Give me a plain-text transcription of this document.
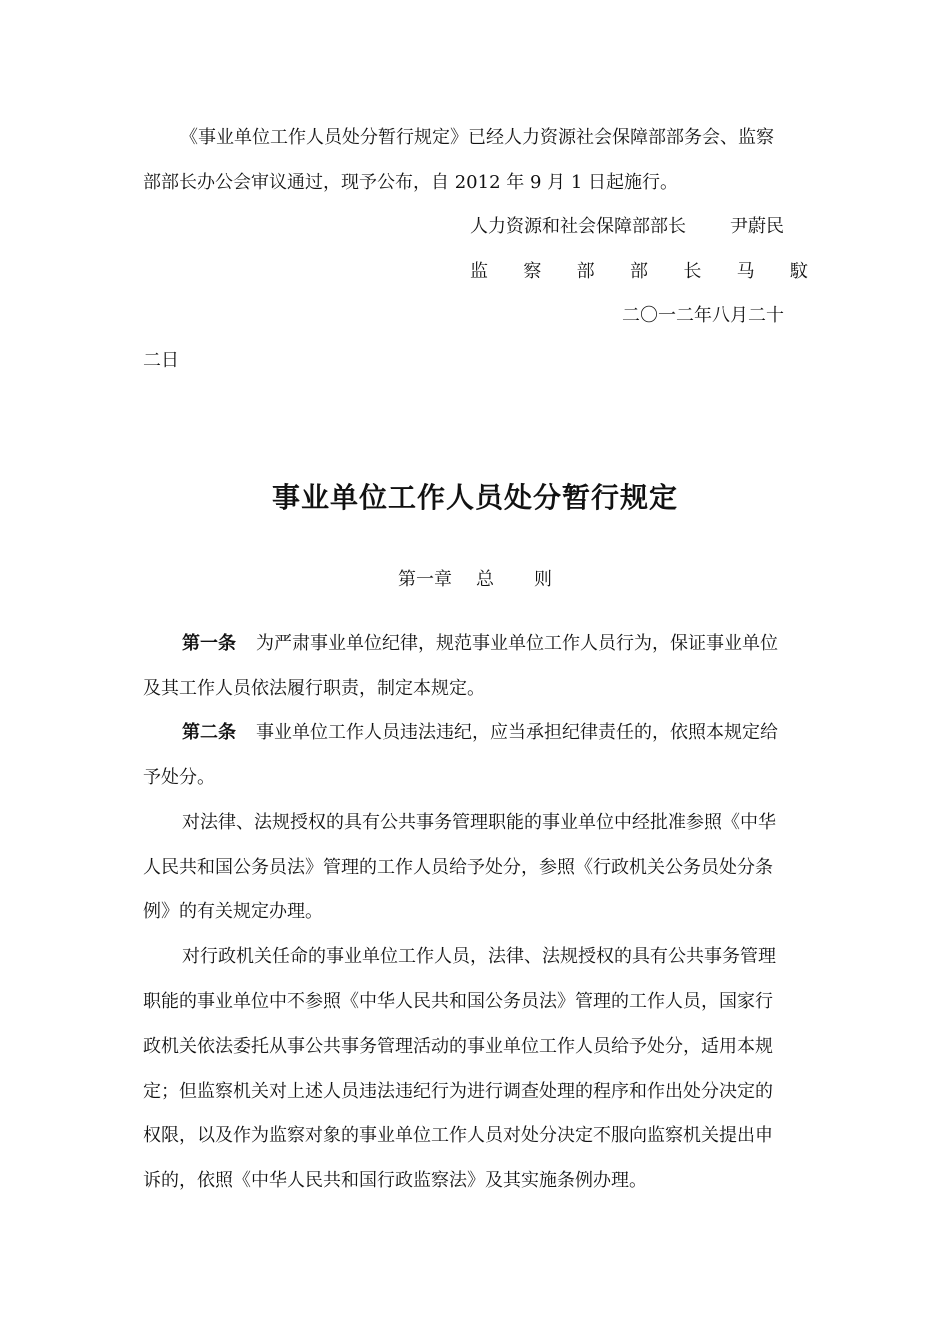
《事业单位工作人员处分暂行规定》已经人力资源社会保障部部务会、监察
部部长办公会审议通过，现予公布，自 2012 年 9 月 1 日起施行。
人力资源和社会保障部部长 尹蔚民
监 察 部 部 长 马 馼
二〇一二年八月二十
二日
事业单位工作人员处分暂行规定
第一章 总 则
第一条 为严肃事业单位纪律，规范事业单位工作人员行为，保证事业单位
及其工作人员依法履行职责，制定本规定。
第二条 事业单位工作人员违法违纪，应当承担纪律责任的，依照本规定给
予处分。
对法律、法规授权的具有公共事务管理职能的事业单位中经批准参照《中华
人民共和国公务员法》管理的工作人员给予处分，参照《行政机关公务员处分条
例》的有关规定办理。
对行政机关任命的事业单位工作人员，法律、法规授权的具有公共事务管理
职能的事业单位中不参照《中华人民共和国公务员法》管理的工作人员，国家行
政机关依法委托从事公共事务管理活动的事业单位工作人员给予处分，适用本规
定；但监察机关对上述人员违法违纪行为进行调查处理的程序和作出处分决定的
权限，以及作为监察对象的事业单位工作人员对处分决定不服向监察机关提出申
诉的，依照《中华人民共和国行政监察法》及其实施条例办理。
